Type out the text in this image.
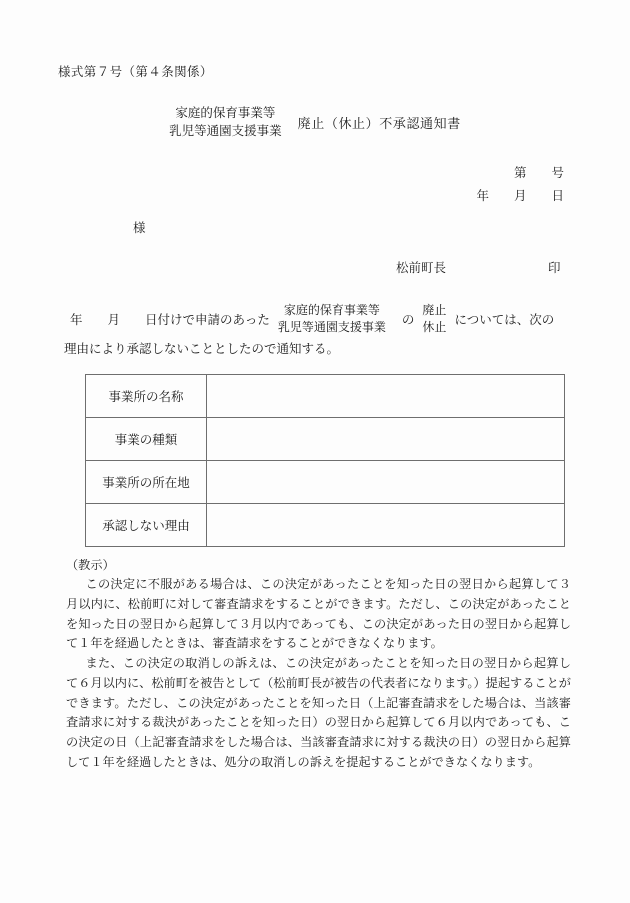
様式第７号（第４条関係）
家庭的保育事業等
乳児等通園支援事業
廃止（休止）不承認通知書
第　　号
年　　月　　日
様
松前町長	印
年　　月　　日付けで申請のあった
家庭的保育事業等
乳児等通園支援事業 の
廃止
休止 については、次の
理由により承認しないこととしたので通知する。
事業所の名称	
事業の種類	
事業所の所在地	
承認しない理由	
（教示）

この決定に不服がある場合は、この決定があったことを知った日の翌日から起算して３月以内に、松前町に対して審査請求をすることができます。ただし、この決定があったことを知った日の翌日から起算して３月以内であっても、この決定があった日の翌日から起算して１年を経過したときは、審査請求をすることができなくなります。

また、この決定の取消しの訴えは、この決定があったことを知った日の翌日から起算して６月以内に、松前町を被告として（松前町長が被告の代表者になります。）提起することができます。ただし、この決定があったことを知った日（上記審査請求をした場合は、当該審査請求に対する裁決があったことを知った日）の翌日から起算して６月以内であっても、この決定の日（上記審査請求をした場合は、当該審査請求に対する裁決の日）の翌日から起算して１年を経過したときは、処分の取消しの訴えを提起することができなくなります。
